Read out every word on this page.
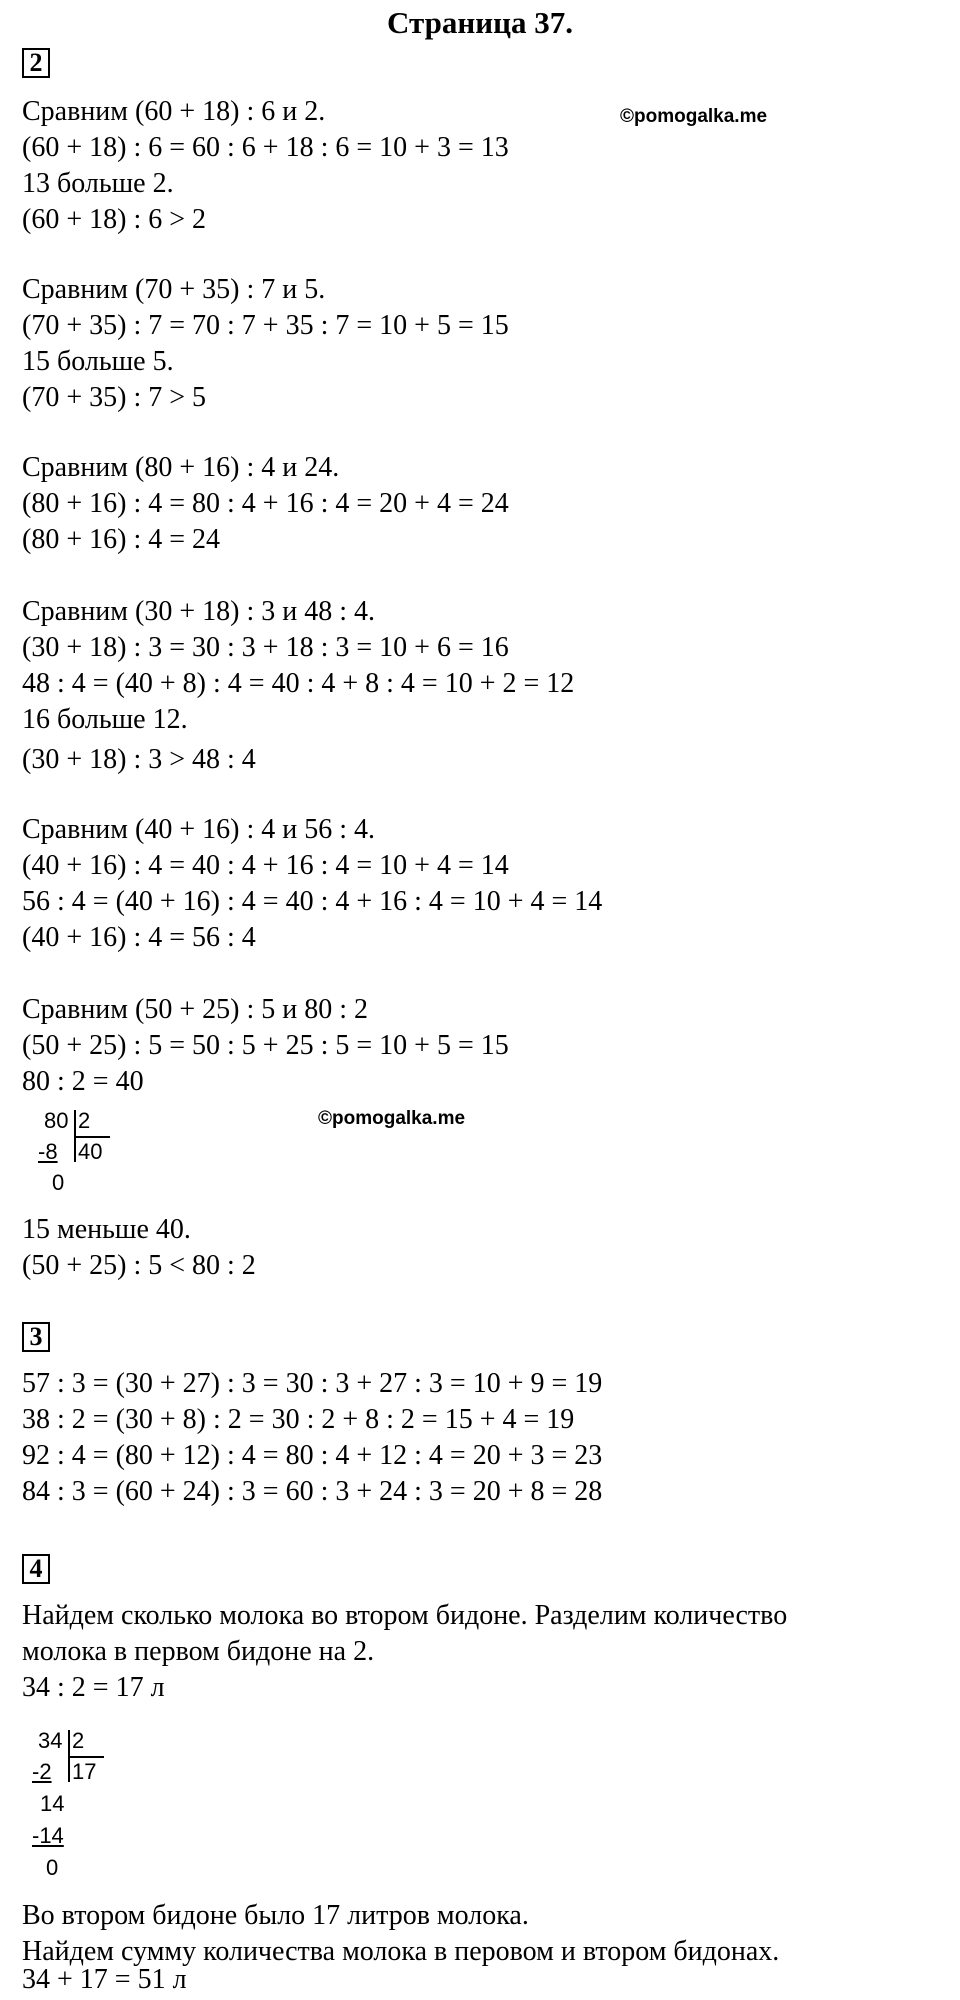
Страница 37.
©pomogalka.me
©pomogalka.me
2
Сравним (60 + 18) : 6 и 2.
(60 + 18) : 6 = 60 : 6 + 18 : 6 = 10 + 3 = 13
13 больше 2.
(60 + 18) : 6 > 2
Сравним (70 + 35) : 7 и 5.
(70 + 35) : 7 = 70 : 7 + 35 : 7 = 10 + 5 = 15
15 больше 5.
(70 + 35) : 7 > 5
Сравним (80 + 16) : 4 и 24.
(80 + 16) : 4 = 80 : 4 + 16 : 4 = 20 + 4 = 24
(80 + 16) : 4 = 24
Сравним (30 + 18) : 3 и 48 : 4.
(30 + 18) : 3 = 30 : 3 + 18 : 3 = 10 + 6 = 16
48 : 4 = (40 + 8) : 4 = 40 : 4 + 8 : 4 = 10 + 2 = 12
16 больше 12.
(30 + 18) : 3 > 48 : 4
Сравним (40 + 16) : 4 и 56 : 4.
(40 + 16) : 4 = 40 : 4 + 16 : 4 = 10 + 4 = 14
56 : 4 = (40 + 16) : 4 = 40 : 4 + 16 : 4 = 10 + 4 = 14
(40 + 16) : 4 = 56 : 4
Сравним (50 + 25) : 5 и 80 : 2
(50 + 25) : 5 = 50 : 5 + 25 : 5 = 10 + 5 = 15
80 : 2 = 40
80 2
-8 40
0
15 меньше 40.
(50 + 25) : 5 < 80 : 2
3
57 : 3 = (30 + 27) : 3 = 30 : 3 + 27 : 3 = 10 + 9 = 19
38 : 2 = (30 + 8) : 2 = 30 : 2 + 8 : 2 = 15 + 4 = 19
92 : 4 = (80 + 12) : 4 = 80 : 4 + 12 : 4 = 20 + 3 = 23
84 : 3 = (60 + 24) : 3 = 60 : 3 + 24 : 3 = 20 + 8 = 28
4
Найдем сколько молока во втором бидоне. Разделим количество
молока в первом бидоне на 2.
34 : 2 = 17 л
34 2
-2 17
14
-14
0
Во втором бидоне было 17 литров молока.
Найдем сумму количества молока в перовом и втором бидонах.
34 + 17 = 51 л
